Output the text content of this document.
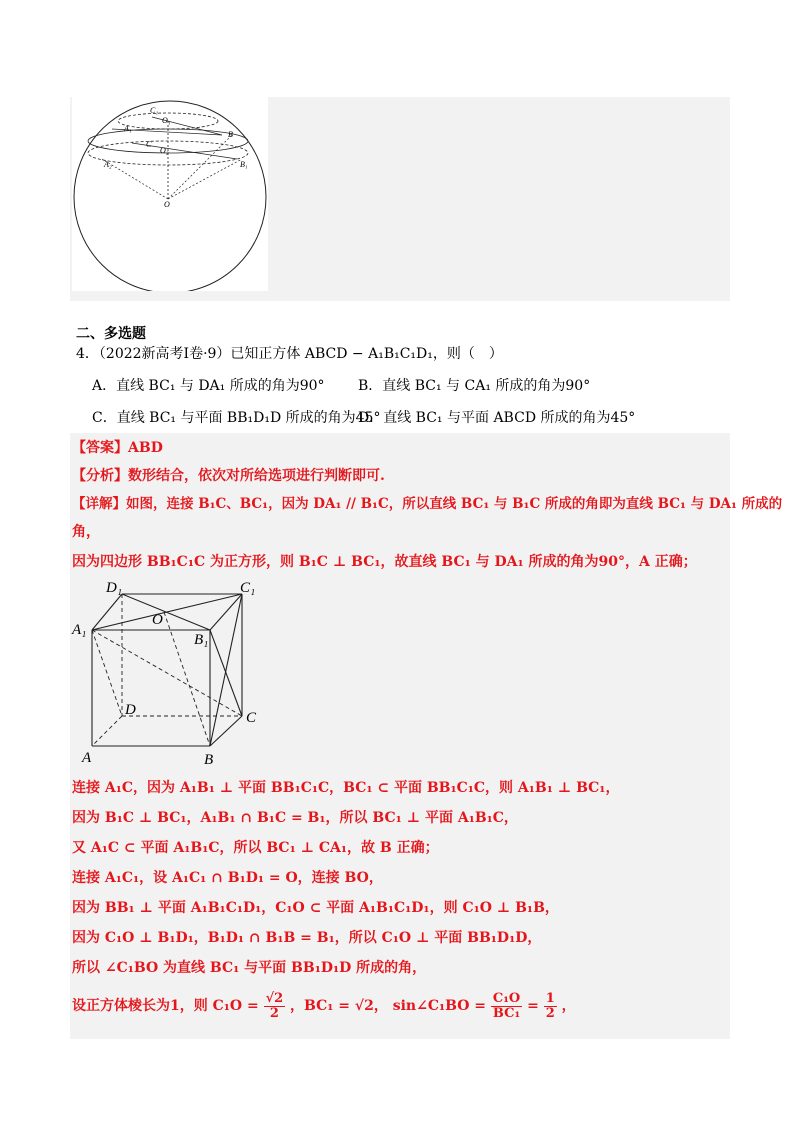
C₁
O₁
A₁
B
C
O₂
A₂	B₁
O
二、多选题
4．（2022新高考Ⅰ卷·9）已知正方体 ABCD − A₁B₁C₁D₁，则（　）
A．直线 BC₁ 与 DA₁ 所成的角为90° B．直线 BC₁ 与 CA₁ 所成的角为90°
C．直线 BC₁ 与平面 BB₁D₁D 所成的角为45°
D．直线 BC₁ 与平面 ABCD 所成的角为45°
【答案】ABD
【分析】数形结合，依次对所给选项进行判断即可.
【详解】如图，连接 B₁C、BC₁，因为 DA₁ // B₁C，所以直线 BC₁ 与 B₁C 所成的角即为直线 BC₁ 与 DA₁ 所成的
角，
因为四边形 BB₁C₁C 为正方形，则 B₁C ⊥ BC₁，故直线 BC₁ 与 DA₁ 所成的角为90°，A 正确；
D₁	C₁
O
A₁
B₁
D	C
A	B
连接 A₁C，因为 A₁B₁ ⊥ 平面 BB₁C₁C，BC₁ ⊂ 平面 BB₁C₁C，则 A₁B₁ ⊥ BC₁，
因为 B₁C ⊥ BC₁，A₁B₁ ∩ B₁C = B₁，所以 BC₁ ⊥ 平面 A₁B₁C，
又 A₁C ⊂ 平面 A₁B₁C，所以 BC₁ ⊥ CA₁，故 B 正确；
连接 A₁C₁，设 A₁C₁ ∩ B₁D₁ = O，连接 BO，
因为 BB₁ ⊥ 平面 A₁B₁C₁D₁，C₁O ⊂ 平面 A₁B₁C₁D₁，则 C₁O ⊥ B₁B，
因为 C₁O ⊥ B₁D₁，B₁D₁ ∩ B₁B = B₁，所以 C₁O ⊥ 平面 BB₁D₁D，
所以 ∠C₁BO 为直线 BC₁ 与平面 BB₁D₁D 所成的角，
设正方体棱长为1，则 $C_1O = \frac{√2}{2}$ ，BC₁ = √2， sin∠C₁BO = $\frac{\text{C₁O}}{\text{BC₁}} = \frac{1}{2}$ ，
